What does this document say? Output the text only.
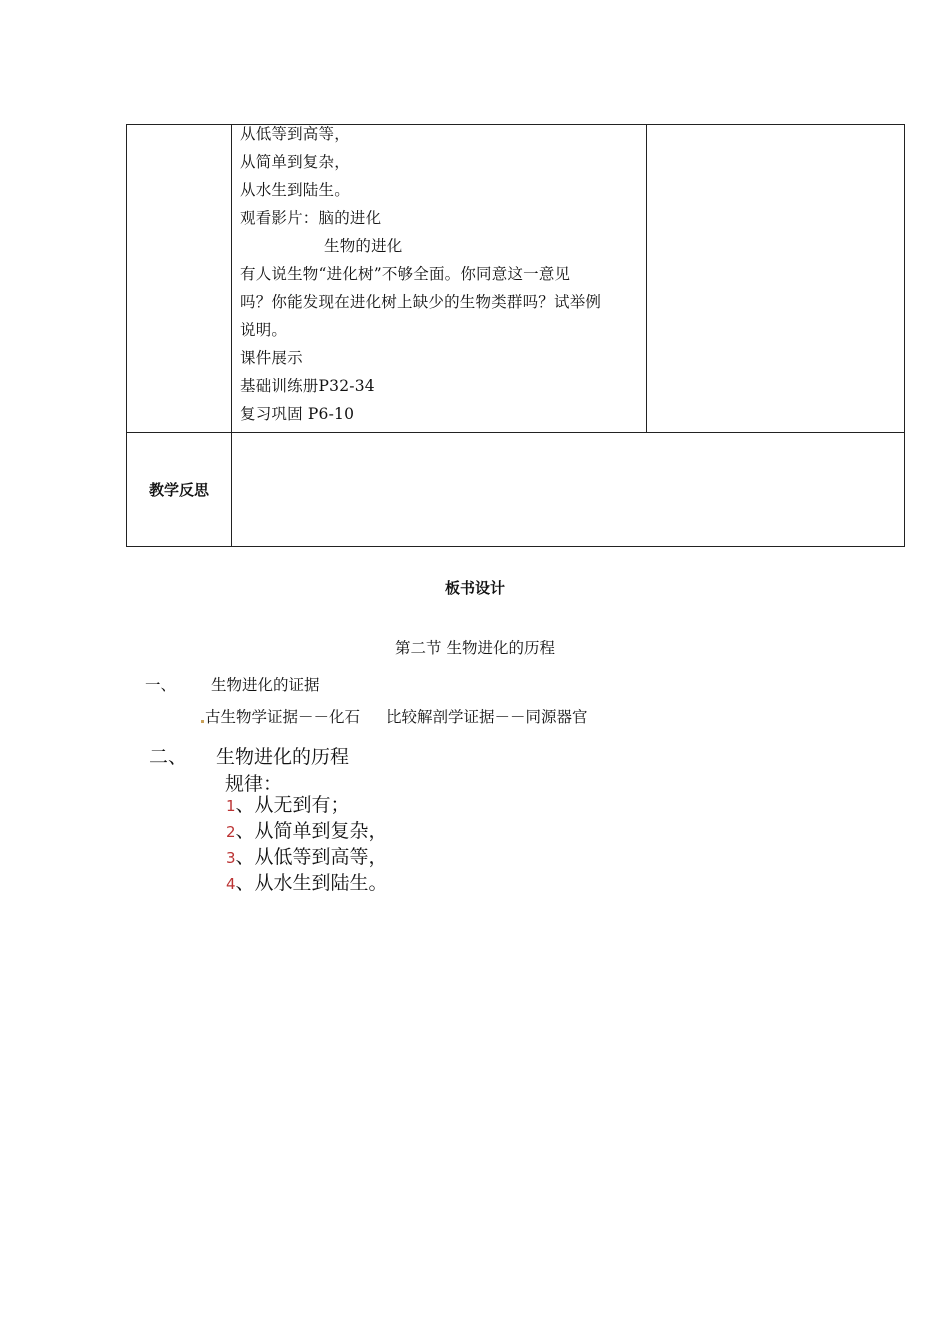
从低等到高等，
从简单到复杂，
从水生到陆生。
观看影片：脑的进化
生物的进化
有人说生物“进化树”不够全面。你同意这一意见
吗？你能发现在进化树上缺少的生物类群吗？试举例
说明。
课件展示
基础训练册P32-34
复习巩固 P6-10
教学反思
板书设计
第二节 生物进化的历程
一、 生物进化的证据
古生物学证据－－化石 比较解剖学证据－－同源器官
二、 生物进化的历程
规律：
1、从无到有；
2、从简单到复杂，
3、从低等到高等，
4、从水生到陆生。
